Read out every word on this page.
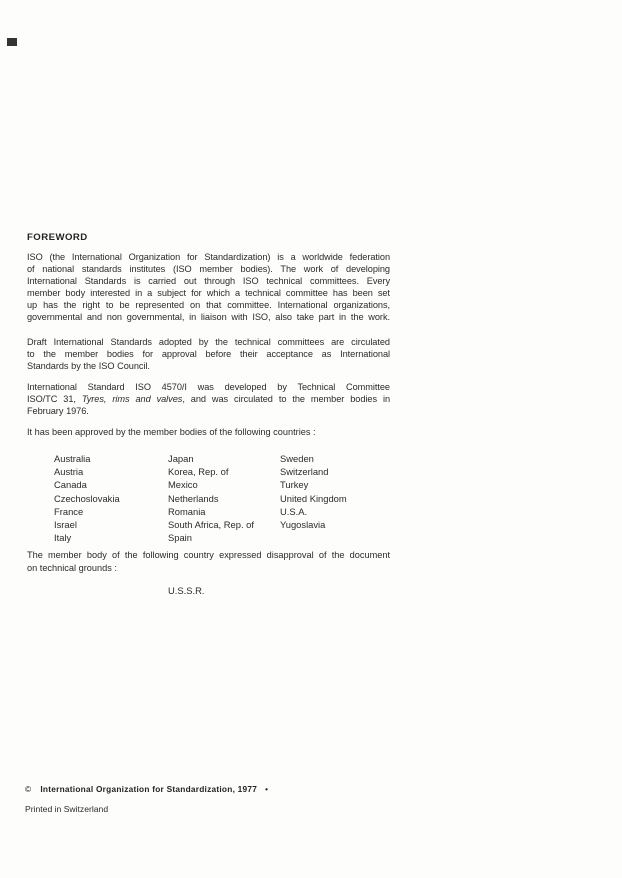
FOREWORD
ISO (the International Organization for Standardization) is a worldwide federation
of national standards institutes (ISO member bodies). The work of developing
International Standards is carried out through ISO technical committees. Every
member body interested in a subject for which a technical committee has been set
up has the right to be represented on that committee. International organizations,
governmental and non governmental, in liaison with ISO, also take part in the work.
Draft International Standards adopted by the technical committees are circulated
to the member bodies for approval before their acceptance as International
Standards by the ISO Council.
International Standard ISO 4570/I was developed by Technical Committee
ISO/TC 31, Tyres, rims and valves, and was circulated to the member bodies in
February 1976.
It has been approved by the member bodies of the following countries :
Australia
Austria
Canada
Czechoslovakia
France
Israel
Italy
Japan
Korea, Rep. of
Mexico
Netherlands
Romania
South Africa, Rep. of
Spain
Sweden
Switzerland
Turkey
United Kingdom
U.S.A.
Yugoslavia
The member body of the following country expressed disapproval of the document
on technical grounds :
U.S.S.R.
© International Organization for Standardization, 1977 •
Printed in Switzerland
